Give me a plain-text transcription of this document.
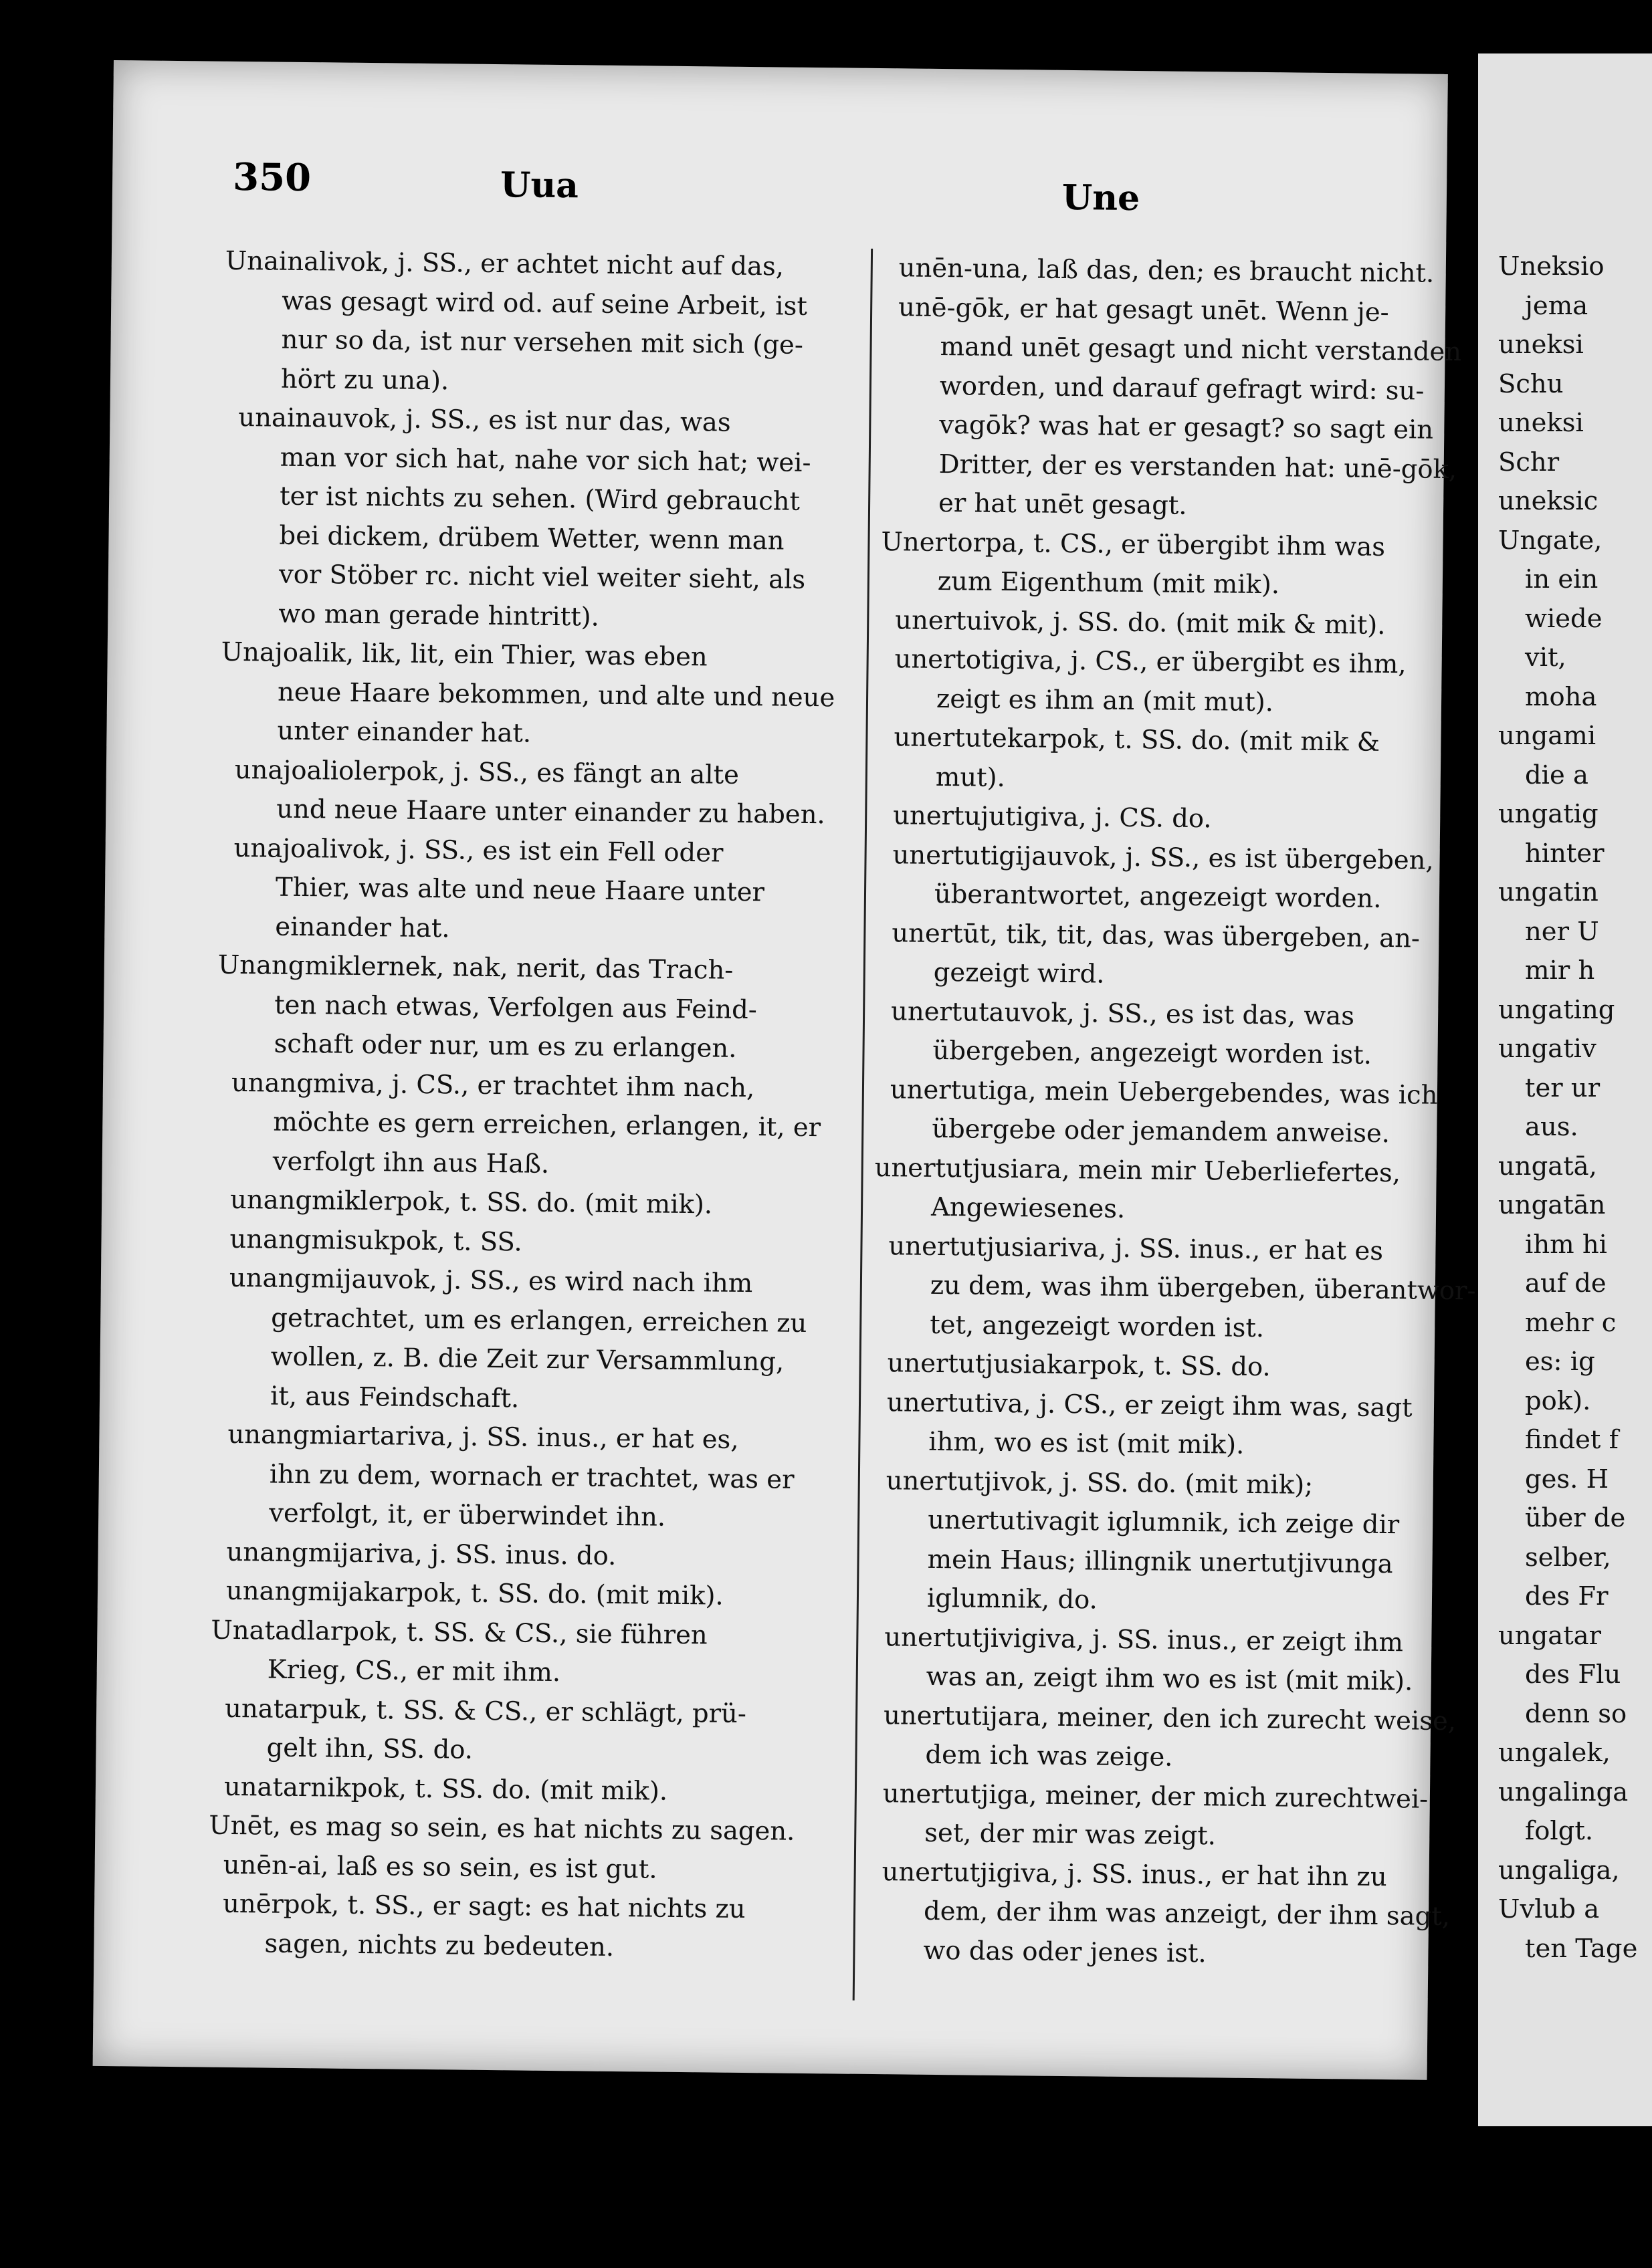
350	Uua	Une
Unainalivok, j. SS., er achtet nicht auf das,
was gesagt wird od. auf seine Arbeit, ist
nur so da, ist nur versehen mit sich (ge-
hört zu una).
unainauvok, j. SS., es ist nur das, was
man vor sich hat, nahe vor sich hat; wei-
ter ist nichts zu sehen. (Wird gebraucht
bei dickem, drübem Wetter, wenn man
vor Stöber rc. nicht viel weiter sieht, als
wo man gerade hintritt).
Unajoalik, lik, lit, ein Thier, was eben
neue Haare bekommen, und alte und neue
unter einander hat.
unajoaliolerpok, j. SS., es fängt an alte
und neue Haare unter einander zu haben.
unajoalivok, j. SS., es ist ein Fell oder
Thier, was alte und neue Haare unter
einander hat.
Unangmiklernek, nak, nerit, das Trach-
ten nach etwas, Verfolgen aus Feind-
schaft oder nur, um es zu erlangen.
unangmiva, j. CS., er trachtet ihm nach,
möchte es gern erreichen, erlangen, it, er
verfolgt ihn aus Haß.
unangmiklerpok, t. SS. do. (mit mik).
unangmisukpok, t. SS.
unangmijauvok, j. SS., es wird nach ihm
getrachtet, um es erlangen, erreichen zu
wollen, z. B. die Zeit zur Versammlung,
it, aus Feindschaft.
unangmiartariva, j. SS. inus., er hat es,
ihn zu dem, wornach er trachtet, was er
verfolgt, it, er überwindet ihn.
unangmijariva, j. SS. inus. do.
unangmijakarpok, t. SS. do. (mit mik).
Unatadlarpok, t. SS. & CS., sie führen
Krieg, CS., er mit ihm.
unatarpuk, t. SS. & CS., er schlägt, prü-
gelt ihn, SS. do.
unatarnikpok, t. SS. do. (mit mik).
Unēt, es mag so sein, es hat nichts zu sagen.
unēn-ai, laß es so sein, es ist gut.
unērpok, t. SS., er sagt: es hat nichts zu
sagen, nichts zu bedeuten.
unēn-una, laß das, den; es braucht nicht.
unē-gōk, er hat gesagt unēt. Wenn je-
mand unēt gesagt und nicht verstanden
worden, und darauf gefragt wird: su-
vagōk? was hat er gesagt? so sagt ein
Dritter, der es verstanden hat: unē-gōk,
er hat unēt gesagt.
Unertorpa, t. CS., er übergibt ihm was
zum Eigenthum (mit mik).
unertuivok, j. SS. do. (mit mik & mit).
unertotigiva, j. CS., er übergibt es ihm,
zeigt es ihm an (mit mut).
unertutekarpok, t. SS. do. (mit mik &
mut).
unertujutigiva, j. CS. do.
unertutigijauvok, j. SS., es ist übergeben,
überantwortet, angezeigt worden.
unertūt, tik, tit, das, was übergeben, an-
gezeigt wird.
unertutauvok, j. SS., es ist das, was
übergeben, angezeigt worden ist.
unertutiga, mein Uebergebendes, was ich
übergebe oder jemandem anweise.
unertutjusiara, mein mir Ueberliefertes,
Angewiesenes.
unertutjusiariva, j. SS. inus., er hat es
zu dem, was ihm übergeben, überantwor-
tet, angezeigt worden ist.
unertutjusiakarpok, t. SS. do.
unertutiva, j. CS., er zeigt ihm was, sagt
ihm, wo es ist (mit mik).
unertutjivok, j. SS. do. (mit mik);
unertutivagit iglumnik, ich zeige dir
mein Haus; illingnik unertutjivunga
iglumnik, do.
unertutjivigiva, j. SS. inus., er zeigt ihm
was an, zeigt ihm wo es ist (mit mik).
unertutijara, meiner, den ich zurecht weise,
dem ich was zeige.
unertutjiga, meiner, der mich zurechtwei-
set, der mir was zeigt.
unertutjigiva, j. SS. inus., er hat ihn zu
dem, der ihm was anzeigt, der ihm sagt,
wo das oder jenes ist.
Uneksio
jema
uneksi
Schu
uneksi
Schr
uneksic
Ungate,
in ein
wiede
vit,
moha
ungami
die a
ungatig
hinter
ungatin
ner U
mir h
ungating
ungativ
ter ur
aus.
ungatā,
ungatān
ihm hi
auf de
mehr c
es: ig
pok).
findet f
ges. H
über de
selber,
des Fr
ungatar
des Flu
denn so
ungalek,
ungalinga
folgt.
ungaliga,
Uvlub a
ten Tage
